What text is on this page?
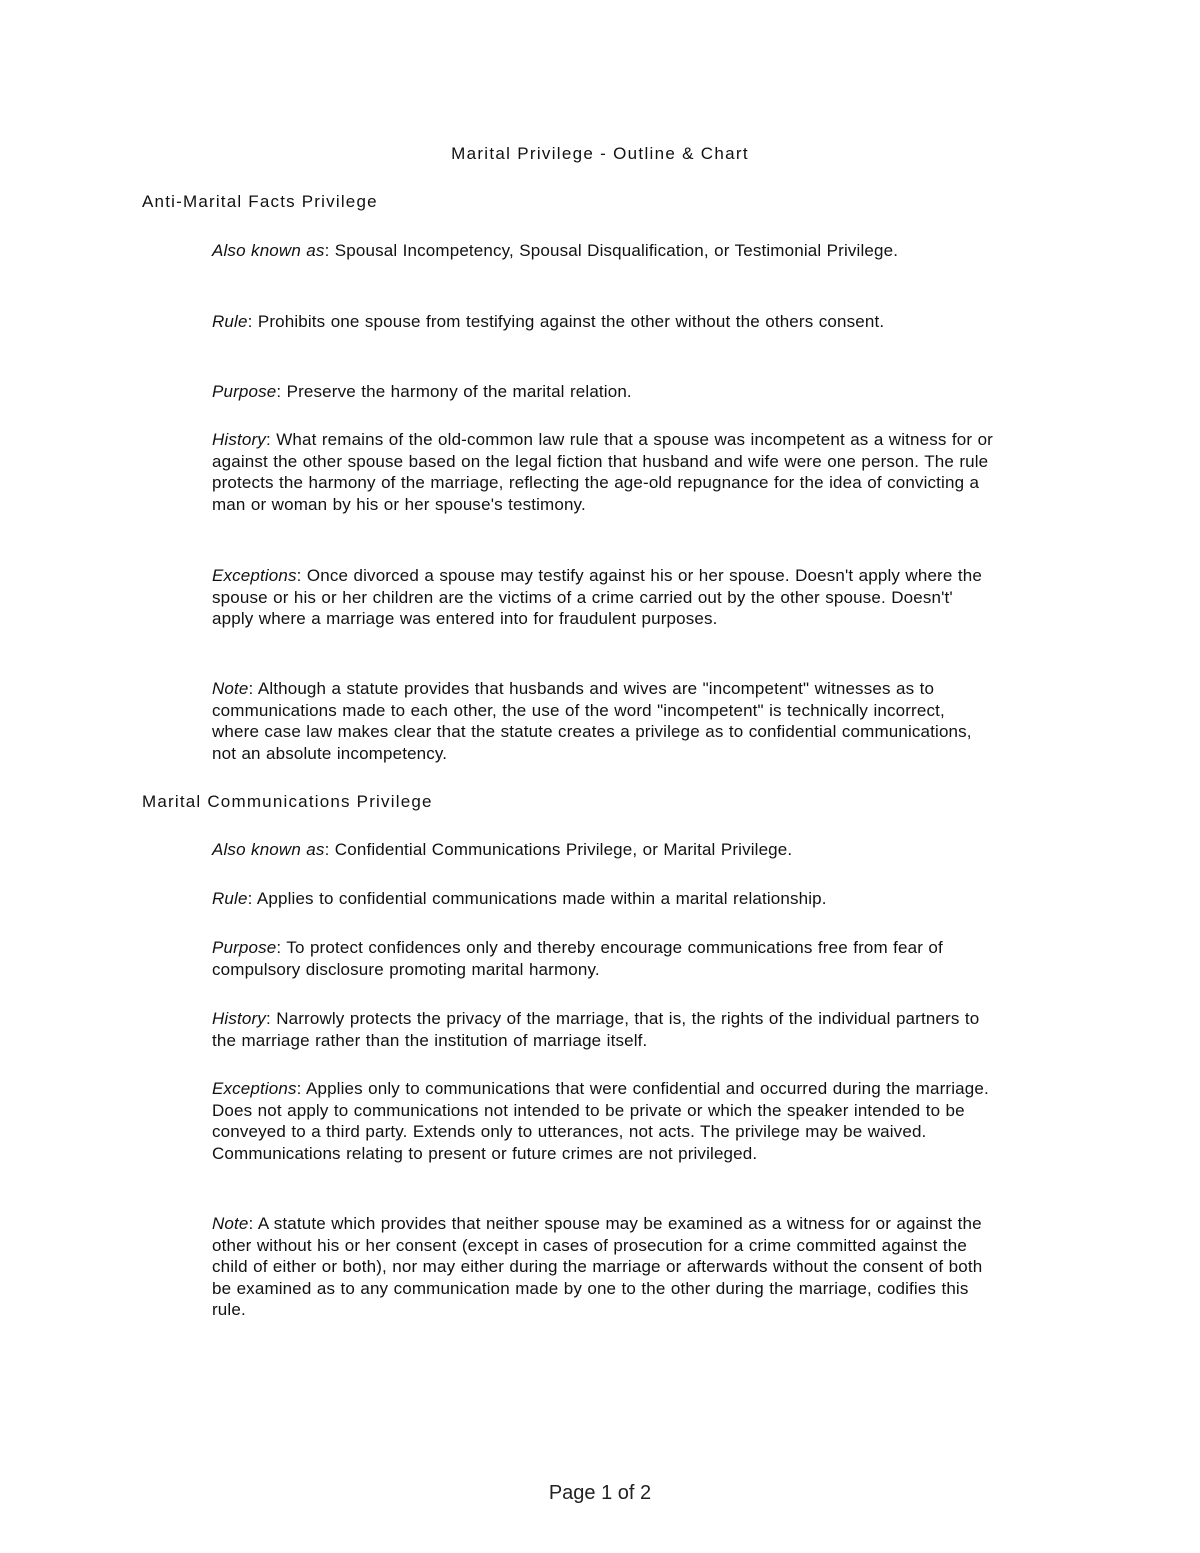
Marital Privilege - Outline & Chart
Anti-Marital Facts Privilege
Also known as: Spousal Incompetency, Spousal Disqualification, or Testimonial Privilege.
Rule: Prohibits one spouse from testifying against the other without the others consent.
Purpose: Preserve the harmony of the marital relation.
History: What remains of the old-common law rule that a spouse was incompetent as a witness for or against the other spouse based on the legal fiction that husband and wife were one person. The rule protects the harmony of the marriage, reflecting the age-old repugnance for the idea of convicting a man or woman by his or her spouse's testimony.
Exceptions: Once divorced a spouse may testify against his or her spouse. Doesn't apply where the spouse or his or her children are the victims of a crime carried out by the other spouse. Doesn't' apply where a marriage was entered into for fraudulent purposes.
Note: Although a statute provides that husbands and wives are "incompetent" witnesses as to communications made to each other, the use of the word "incompetent" is technically incorrect, where case law makes clear that the statute creates a privilege as to confidential communications, not an absolute incompetency.
Marital Communications Privilege
Also known as: Confidential Communications Privilege, or Marital Privilege.
Rule: Applies to confidential communications made within a marital relationship.
Purpose: To protect confidences only and thereby encourage communications free from fear of compulsory disclosure promoting marital harmony.
History: Narrowly protects the privacy of the marriage, that is, the rights of the individual partners to the marriage rather than the institution of marriage itself.
Exceptions: Applies only to communications that were confidential and occurred during the marriage. Does not apply to communications not intended to be private or which the speaker intended to be conveyed to a third party. Extends only to utterances, not acts. The privilege may be waived. Communications relating to present or future crimes are not privileged.
Note: A statute which provides that neither spouse may be examined as a witness for or against the other without his or her consent (except in cases of prosecution for a crime committed against the child of either or both), nor may either during the marriage or afterwards without the consent of both be examined as to any communication made by one to the other during the marriage, codifies this rule.
Page 1 of 2
